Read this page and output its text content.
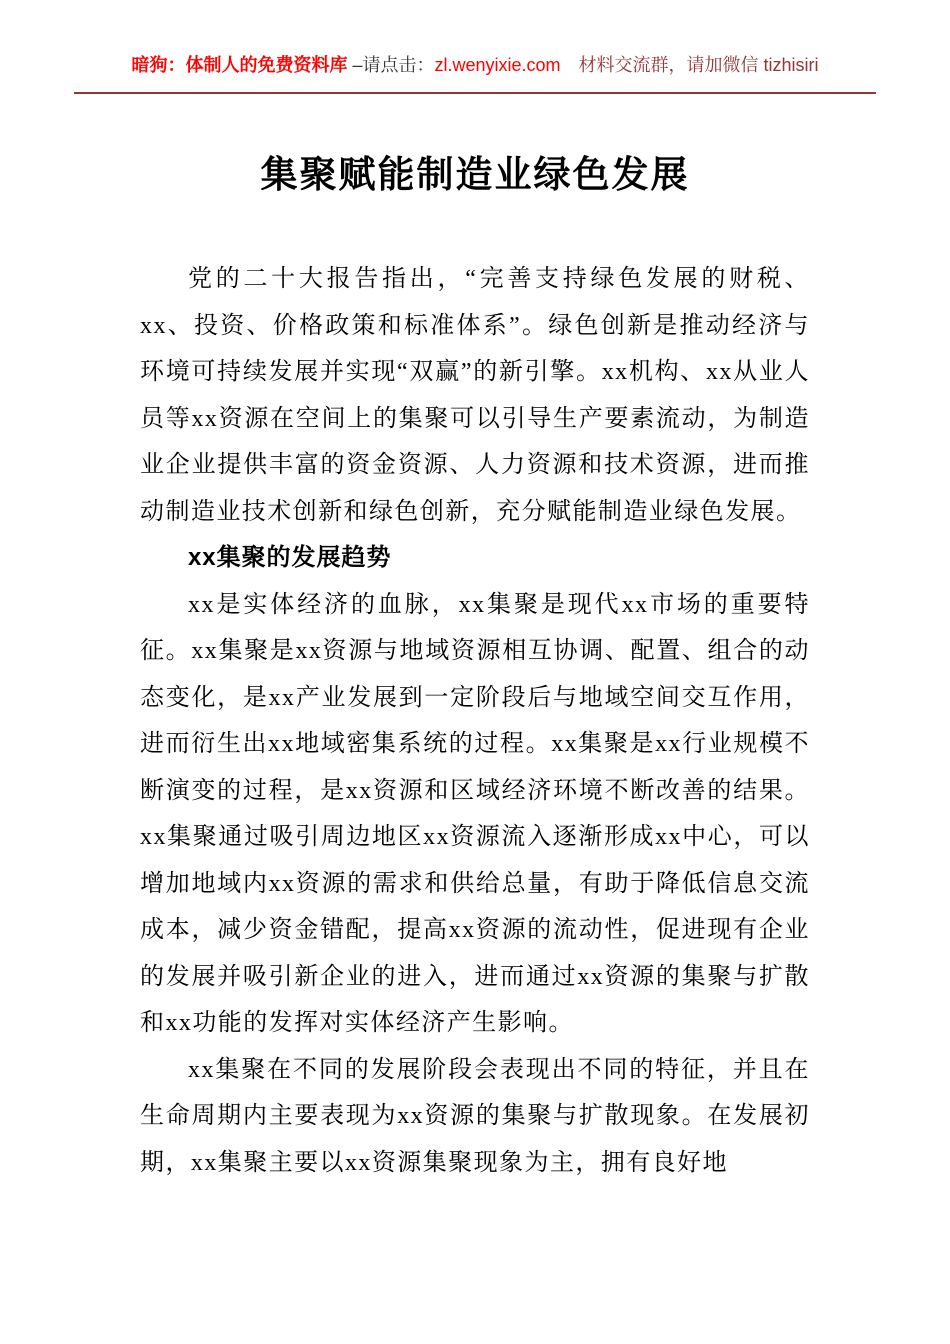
暗狗：体制人的免费资料库 –请点击：zl.wenyixie.com 材料交流群，请加微信 tizhisiri
集聚赋能制造业绿色发展

党的二十大报告指出，“完善支持绿色发展的财税、xx、投资、价格政策和标准体系”。绿色创新是推动经济与环境可持续发展并实现“双赢”的新引擎。xx机构、xx从业人员等xx资源在空间上的集聚可以引导生产要素流动，为制造业企业提供丰富的资金资源、人力资源和技术资源，进而推动制造业技术创新和绿色创新，充分赋能制造业绿色发展。

xx集聚的发展趋势

xx是实体经济的血脉，xx集聚是现代xx市场的重要特征。xx集聚是xx资源与地域资源相互协调、配置、组合的动态变化，是xx产业发展到一定阶段后与地域空间交互作用，进而衍生出xx地域密集系统的过程。xx集聚是xx行业规模不断演变的过程，是xx资源和区域经济环境不断改善的结果。xx集聚通过吸引周边地区xx资源流入逐渐形成xx中心，可以增加地域内xx资源的需求和供给总量，有助于降低信息交流成本，减少资金错配，提高xx资源的流动性，促进现有企业的发展并吸引新企业的进入，进而通过xx资源的集聚与扩散和xx功能的发挥对实体经济产生影响。

xx集聚在不同的发展阶段会表现出不同的特征，并且在生命周期内主要表现为xx资源的集聚与扩散现象。在发展初期，xx集聚主要以xx资源集聚现象为主，拥有良好地
